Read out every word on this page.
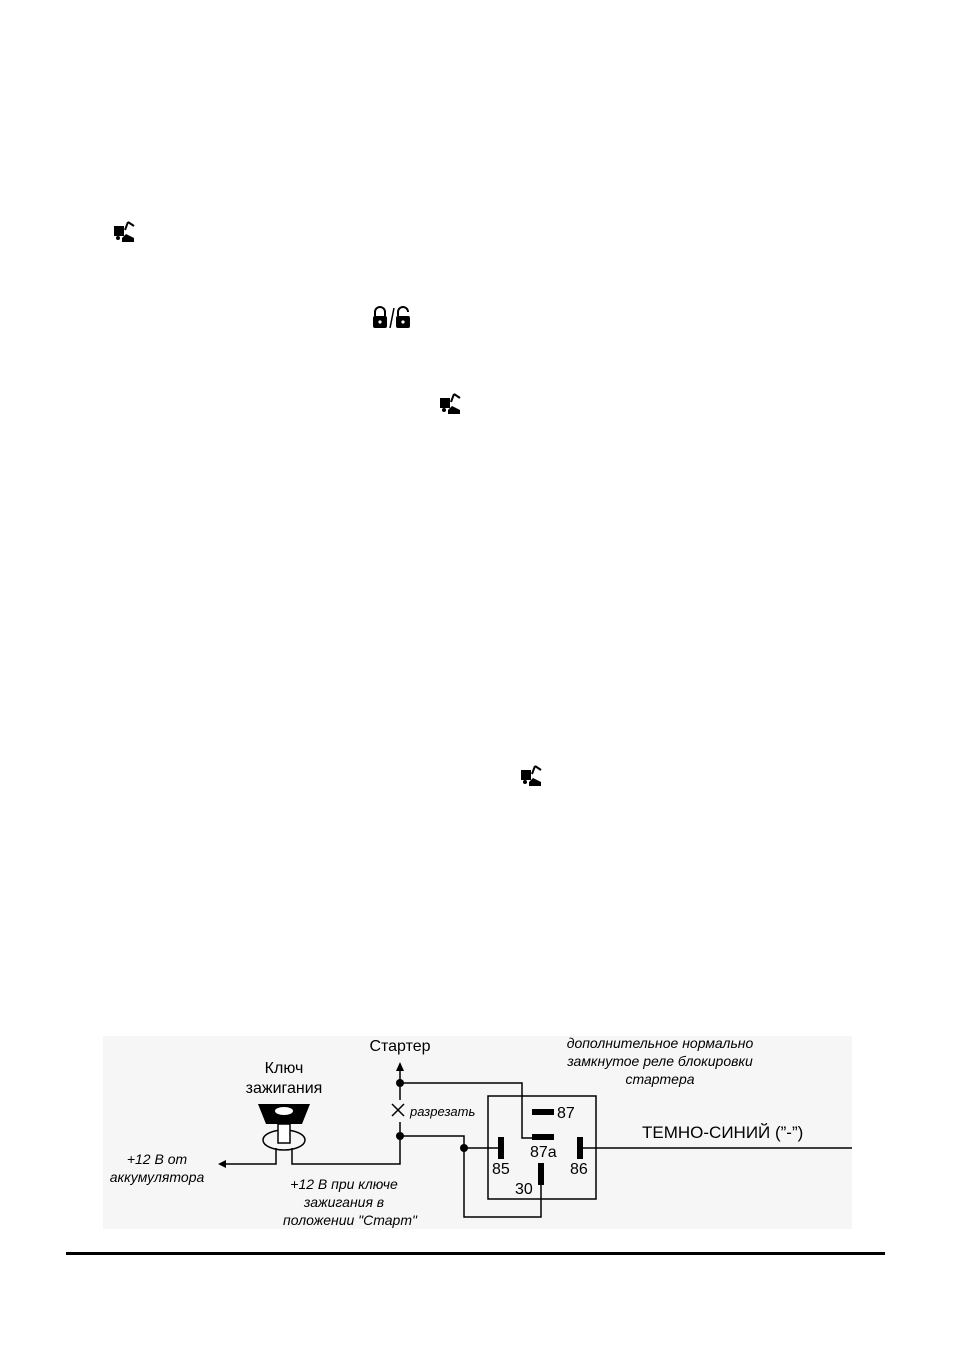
Стартер
Ключ
зажигания
дополнительное нормально
замкнутое реле блокировки
стартера
разрезать
+12 В от
аккумулятора	+12 В при ключе
зажигания в
положении "Старт"
ТЕМНО-СИНИЙ (”-”)
87
87a
85	86
30
